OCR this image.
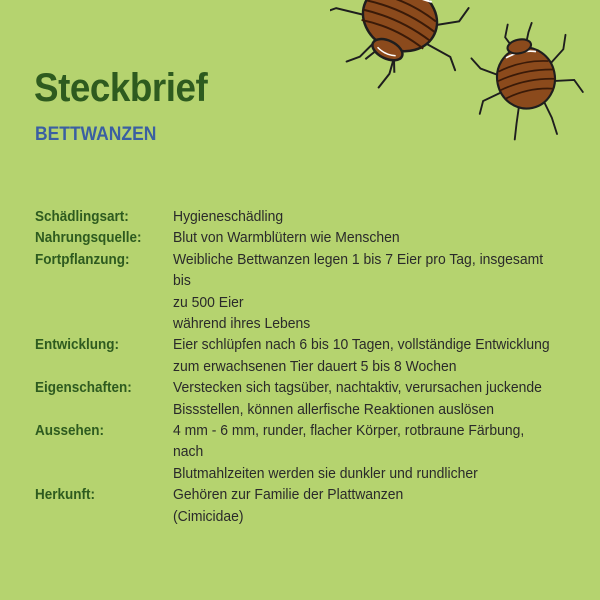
Steckbrief
BETTWANZEN
Schädlingsart:	Hygieneschädling
Nahrungsquelle:	Blut von Warmblütern wie Menschen
Fortpflanzung:	Weibliche Bettwanzen legen 1 bis 7 Eier pro Tag, insgesamt bis
zu 500 Eier
während ihres Lebens
Entwicklung:	Eier schlüpfen nach 6 bis 10 Tagen, vollständige Entwicklung
zum erwachsenen Tier dauert 5 bis 8 Wochen
Eigenschaften:	Verstecken sich tagsüber, nachtaktiv, verursachen juckende
Bissstellen, können allerfische Reaktionen auslösen
Aussehen:	4 mm - 6 mm, runder, flacher Körper, rotbraune Färbung, nach
Blutmahlzeiten werden sie dunkler und rundlicher
Herkunft:	Gehören zur Familie der Plattwanzen
(Cimicidae)
